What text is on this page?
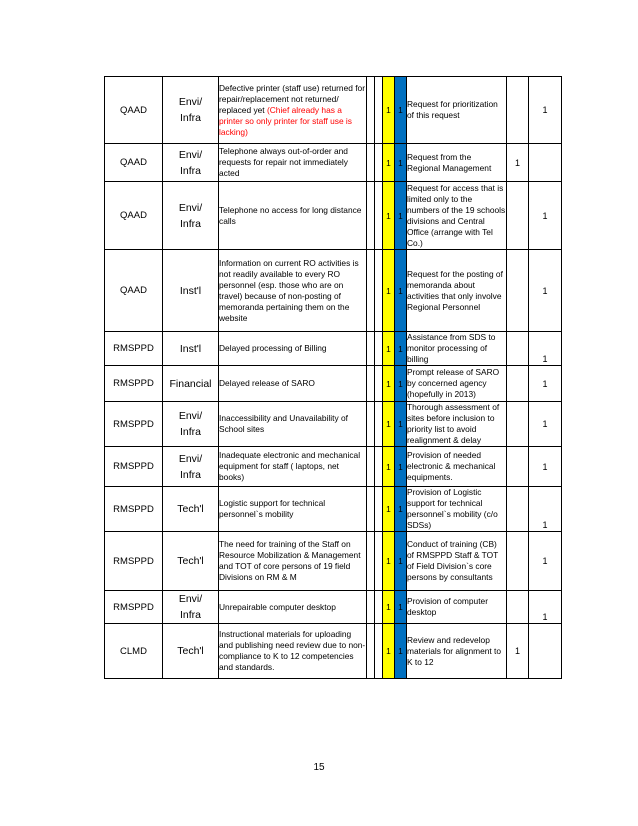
QAAD	Envi/
Infra	Defective printer (staff use) returned for repair/replacement not returned/ replaced yet (Chief already has a printer so only printer for staff use is lacking)			1	1	Request for prioritization of this request		1
QAAD	Envi/
Infra	Telephone always out-of-order and requests for repair not immediately acted			1	1	Request from the Regional Management	1	
QAAD	Envi/
Infra	Telephone no access for long distance calls			1	1	Request for access that is limited only to the numbers of the 19 schools divisions and Central Office (arrange with Tel Co.)		1
QAAD	Inst'l	Information on current RO activities is not readily available to every RO personnel (esp. those who are on travel) because of non-posting of memoranda pertaining them on the website			1	1	Request for the posting of memoranda about activities that only involve Regional Personnel		1
RMSPPD	Inst'l	Delayed processing of Billing			1	1	Assistance from SDS to monitor processing of billing		1
RMSPPD	Financial	Delayed release of SARO			1	1	Prompt release of SARO by concerned agency (hopefully in 2013)		1
RMSPPD	Envi/
Infra	Inaccessibility and Unavailability of School sites			1	1	Thorough assessment of sites before inclusion to priority list to avoid realignment & delay		1
RMSPPD	Envi/
Infra	Inadequate electronic and mechanical equipment for staff ( laptops, net books)			1	1	Provision of needed electronic & mechanical equipments.		1
RMSPPD	Tech'l	Logistic support for technical personnel`s mobility			1	1	Provision of Logistic support for technical personnel`s mobility (c/o SDSs)		1
RMSPPD	Tech'l	The need for training of the Staff on Resource Mobilization & Management and TOT of core persons of 19 field Divisions on RM & M			1	1	Conduct of training (CB) of RMSPPD Staff & TOT of Field Division`s core persons by consultants		1
RMSPPD	Envi/
Infra	Unrepairable computer desktop			1	1	Provision of computer desktop		1
CLMD	Tech'l	Instructional materials for uploading and publishing need review due to non-compliance to K to 12 competencies and standards.			1	1	Review and redevelop materials for alignment to K to 12	1	
15
